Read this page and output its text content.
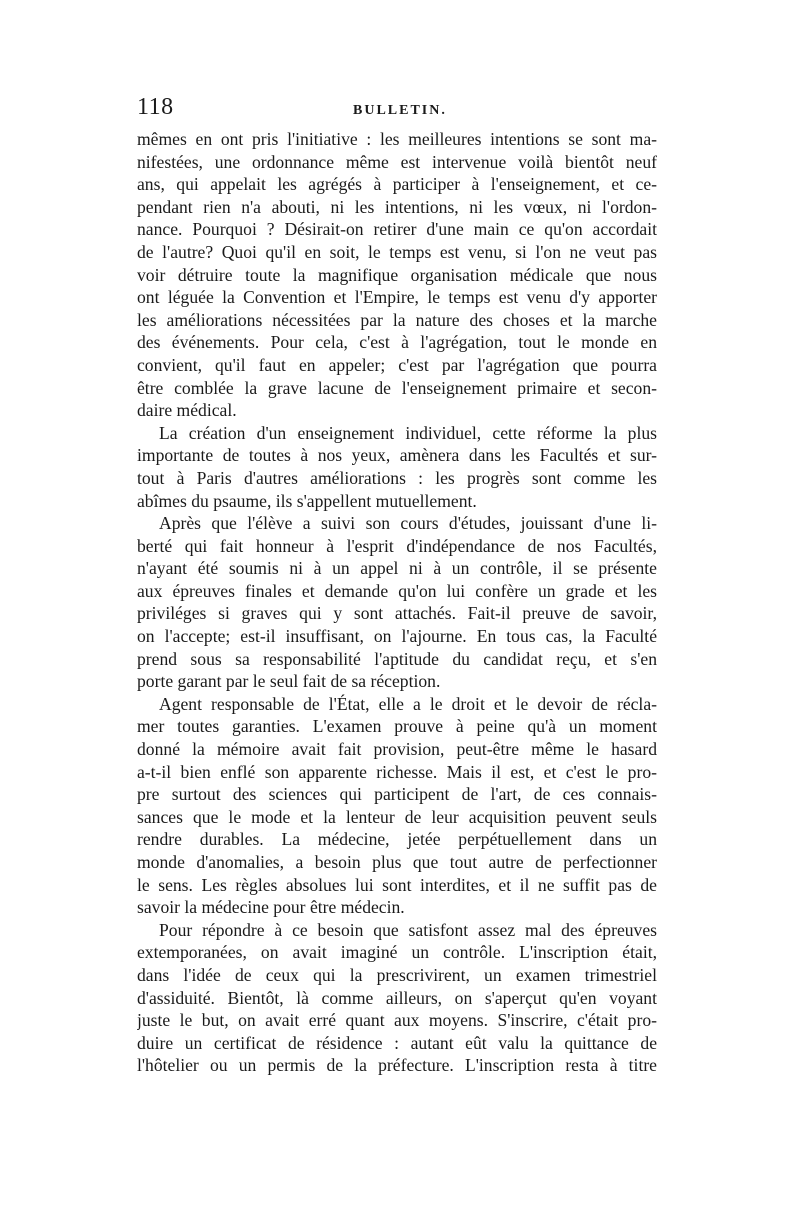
118	BULLETIN.
mêmes en ont pris l'initiative : les meilleures intentions se sont ma-
nifestées, une ordonnance même est intervenue voilà bientôt neuf
ans, qui appelait les agrégés à participer à l'enseignement, et ce-
pendant rien n'a abouti, ni les intentions, ni les vœux, ni l'ordon-
nance. Pourquoi ? Désirait-on retirer d'une main ce qu'on accordait
de l'autre? Quoi qu'il en soit, le temps est venu, si l'on ne veut pas
voir détruire toute la magnifique organisation médicale que nous
ont léguée la Convention et l'Empire, le temps est venu d'y apporter
les améliorations nécessitées par la nature des choses et la marche
des événements. Pour cela, c'est à l'agrégation, tout le monde en
convient, qu'il faut en appeler; c'est par l'agrégation que pourra
être comblée la grave lacune de l'enseignement primaire et secon-
daire médical.
La création d'un enseignement individuel, cette réforme la plus
importante de toutes à nos yeux, amènera dans les Facultés et sur-
tout à Paris d'autres améliorations : les progrès sont comme les
abîmes du psaume, ils s'appellent mutuellement.
Après que l'élève a suivi son cours d'études, jouissant d'une li-
berté qui fait honneur à l'esprit d'indépendance de nos Facultés,
n'ayant été soumis ni à un appel ni à un contrôle, il se présente
aux épreuves finales et demande qu'on lui confère un grade et les
priviléges si graves qui y sont attachés. Fait-il preuve de savoir,
on l'accepte; est-il insuffisant, on l'ajourne. En tous cas, la Faculté
prend sous sa responsabilité l'aptitude du candidat reçu, et s'en
porte garant par le seul fait de sa réception.
Agent responsable de l'État, elle a le droit et le devoir de récla-
mer toutes garanties. L'examen prouve à peine qu'à un moment
donné la mémoire avait fait provision, peut-être même le hasard
a-t-il bien enflé son apparente richesse. Mais il est, et c'est le pro-
pre surtout des sciences qui participent de l'art, de ces connais-
sances que le mode et la lenteur de leur acquisition peuvent seuls
rendre durables. La médecine, jetée perpétuellement dans un
monde d'anomalies, a besoin plus que tout autre de perfectionner
le sens. Les règles absolues lui sont interdites, et il ne suffit pas de
savoir la médecine pour être médecin.
Pour répondre à ce besoin que satisfont assez mal des épreuves
extemporanées, on avait imaginé un contrôle. L'inscription était,
dans l'idée de ceux qui la prescrivirent, un examen trimestriel
d'assiduité. Bientôt, là comme ailleurs, on s'aperçut qu'en voyant
juste le but, on avait erré quant aux moyens. S'inscrire, c'était pro-
duire un certificat de résidence : autant eût valu la quittance de
l'hôtelier ou un permis de la préfecture. L'inscription resta à titre
